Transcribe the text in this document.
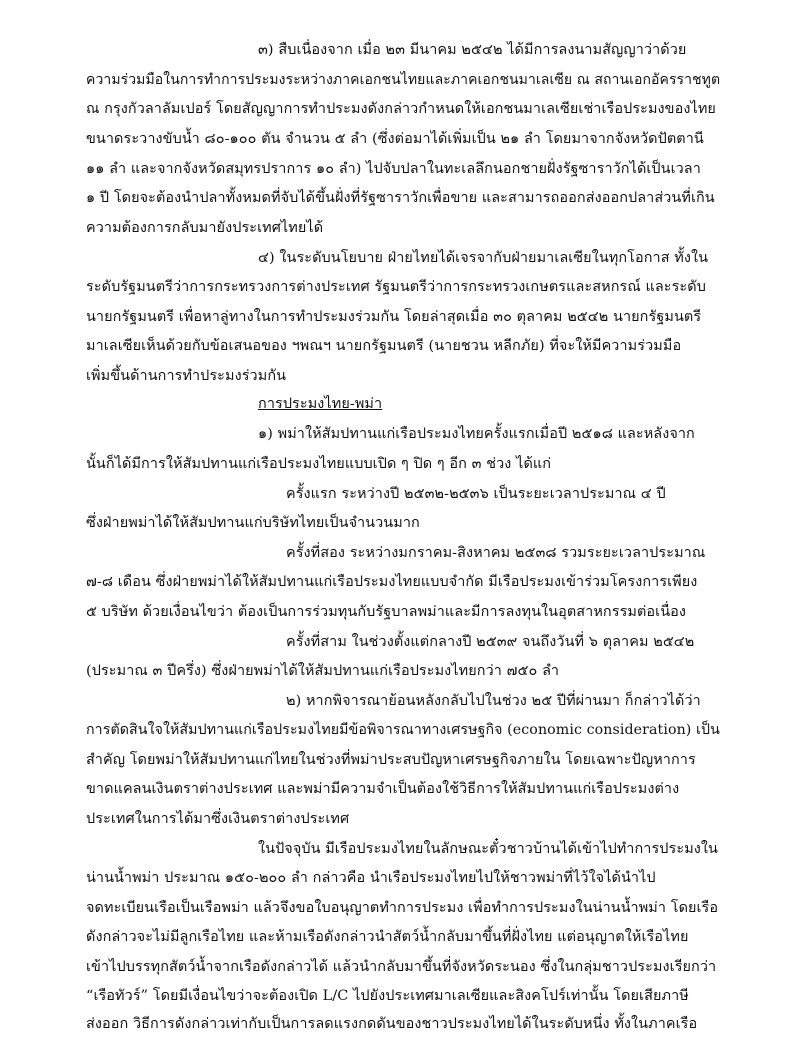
๓) สืบเนื่องจาก เมื่อ ๒๓ มีนาคม ๒๕๔๒ ได้มีการลงนามสัญญาว่าด้วย
ความร่วมมือในการทำการประมงระหว่างภาคเอกชนไทยและภาคเอกชนมาเลเซีย ณ สถานเอกอัครราชทูต
ณ กรุงกัวลาลัมเปอร์ โดยสัญญาการทำประมงดังกล่าวกำหนดให้เอกชนมาเลเซียเช่าเรือประมงของไทย
ขนาดระวางขับน้ำ ๘๐-๑๐๐ ตัน จำนวน ๕ ลำ (ซึ่งต่อมาได้เพิ่มเป็น ๒๑ ลำ โดยมาจากจังหวัดปัตตานี
๑๑ ลำ และจากจังหวัดสมุทรปราการ ๑๐ ลำ) ไปจับปลาในทะเลลึกนอกชายฝั่งรัฐซาราวักได้เป็นเวลา
๑ ปี โดยจะต้องนำปลาทั้งหมดที่จับได้ขึ้นฝั่งที่รัฐซาราวักเพื่อขาย และสามารถออกส่งออกปลาส่วนที่เกิน
ความต้องการกลับมายังประเทศไทยได้
๔) ในระดับนโยบาย ฝ่ายไทยได้เจรจากับฝ่ายมาเลเซียในทุกโอกาส ทั้งใน
ระดับรัฐมนตรีว่าการกระทรวงการต่างประเทศ รัฐมนตรีว่าการกระทรวงเกษตรและสหกรณ์ และระดับ
นายกรัฐมนตรี เพื่อหาลู่ทางในการทำประมงร่วมกัน โดยล่าสุดเมื่อ ๓๐ ตุลาคม ๒๕๔๒ นายกรัฐมนตรี
มาเลเซียเห็นด้วยกับข้อเสนอของ ฯพณฯ นายกรัฐมนตรี (นายชวน หลีกภัย) ที่จะให้มีความร่วมมือ
เพิ่มขึ้นด้านการทำประมงร่วมกัน
การประมงไทย-พม่า
๑) พม่าให้สัมปทานแก่เรือประมงไทยครั้งแรกเมื่อปี ๒๕๑๘ และหลังจาก
นั้นก็ได้มีการให้สัมปทานแก่เรือประมงไทยแบบเปิด ๆ ปิด ๆ อีก ๓ ช่วง ได้แก่
ครั้งแรก ระหว่างปี ๒๕๓๒-๒๕๓๖ เป็นระยะเวลาประมาณ ๔ ปี
ซึ่งฝ่ายพม่าได้ให้สัมปทานแก่บริษัทไทยเป็นจำนวนมาก
ครั้งที่สอง ระหว่างมกราคม-สิงหาคม ๒๕๓๘ รวมระยะเวลาประมาณ
๗-๘ เดือน ซึ่งฝ่ายพม่าได้ให้สัมปทานแก่เรือประมงไทยแบบจำกัด มีเรือประมงเข้าร่วมโครงการเพียง
๕ บริษัท ด้วยเงื่อนไขว่า ต้องเป็นการร่วมทุนกับรัฐบาลพม่าและมีการลงทุนในอุตสาหกรรมต่อเนื่อง
ครั้งที่สาม ในช่วงตั้งแต่กลางปี ๒๕๓๙ จนถึงวันที่ ๖ ตุลาคม ๒๕๔๒
(ประมาณ ๓ ปีครึ่ง) ซึ่งฝ่ายพม่าได้ให้สัมปทานแก่เรือประมงไทยกว่า ๗๕๐ ลำ
๒) หากพิจารณาย้อนหลังกลับไปในช่วง ๒๕ ปีที่ผ่านมา ก็กล่าวได้ว่า
การตัดสินใจให้สัมปทานแก่เรือประมงไทยมีข้อพิจารณาทางเศรษฐกิจ (economic consideration) เป็น
สำคัญ โดยพม่าให้สัมปทานแก่ไทยในช่วงที่พม่าประสบปัญหาเศรษฐกิจภายใน โดยเฉพาะปัญหาการ
ขาดแคลนเงินตราต่างประเทศ และพม่ามีความจำเป็นต้องใช้วิธีการให้สัมปทานแก่เรือประมงต่าง
ประเทศในการได้มาซึ่งเงินตราต่างประเทศ
ในปัจจุบัน มีเรือประมงไทยในลักษณะตั๋วชาวบ้านได้เข้าไปทำการประมงใน
น่านน้ำพม่า ประมาณ ๑๕๐-๒๐๐ ลำ กล่าวคือ นำเรือประมงไทยไปให้ชาวพม่าที่ไว้ใจได้นำไป
จดทะเบียนเรือเป็นเรือพม่า แล้วจึงขอใบอนุญาตทำการประมง เพื่อทำการประมงในน่านน้ำพม่า โดยเรือ
ดังกล่าวจะไม่มีลูกเรือไทย และห้ามเรือดังกล่าวนำสัตว์น้ำกลับมาขึ้นที่ฝั่งไทย แต่อนุญาตให้เรือไทย
เข้าไปบรรทุกสัตว์น้ำจากเรือดังกล่าวได้ แล้วนำกลับมาขึ้นที่จังหวัดระนอง ซึ่งในกลุ่มชาวประมงเรียกว่า
“เรือทัวร์” โดยมีเงื่อนไขว่าจะต้องเปิด L/C ไปยังประเทศมาเลเซียและสิงคโปร์เท่านั้น โดยเสียภาษี
ส่งออก วิธีการดังกล่าวเท่ากับเป็นการลดแรงกดดันของชาวประมงไทยได้ในระดับหนึ่ง ทั้งในภาคเรือ
